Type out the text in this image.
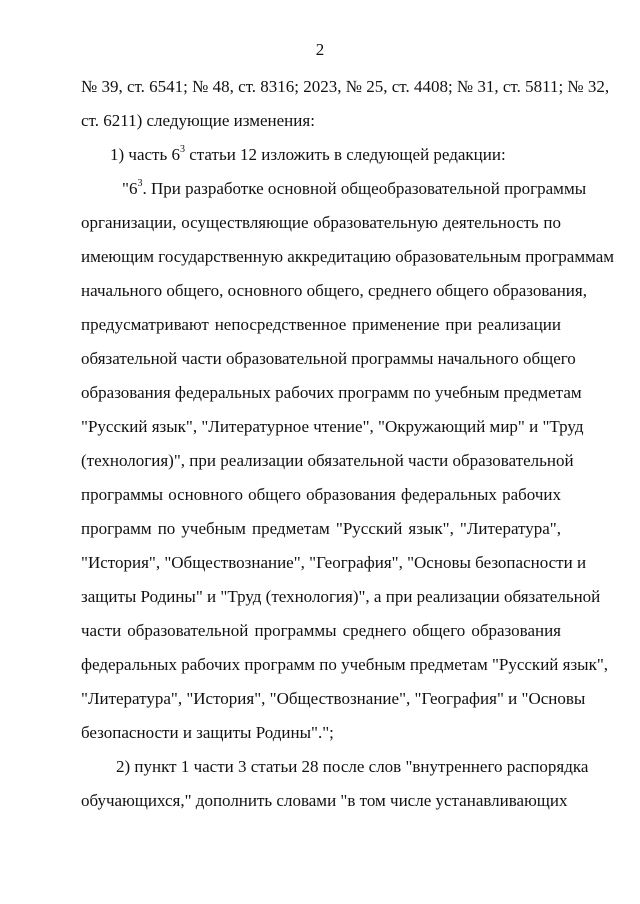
2
№ 39, ст. 6541; № 48, ст. 8316; 2023, № 25, ст. 4408; № 31, ст. 5811; № 32,
ст. 6211) следующие изменения:
1) часть $6^3$ статьи 12 изложить в следующей редакции:
"$6^3$. При разработке основной общеобразовательной программы
организации, осуществляющие образовательную деятельность по
имеющим государственную аккредитацию образовательным программам
начального общего, основного общего, среднего общего образования,
предусматривают непосредственное применение при реализации
обязательной части образовательной программы начального общего
образования федеральных рабочих программ по учебным предметам
"Русский язык", "Литературное чтение", "Окружающий мир" и "Труд
(технология)", при реализации обязательной части образовательной
программы основного общего образования федеральных рабочих
программ по учебным предметам "Русский язык", "Литература",
"История", "Обществознание", "География", "Основы безопасности и
защиты Родины" и "Труд (технология)", а при реализации обязательной
части образовательной программы среднего общего образования
федеральных рабочих программ по учебным предметам "Русский язык",
"Литература", "История", "Обществознание", "География" и "Основы
безопасности и защиты Родины".";
2) пункт 1 части 3 статьи 28 после слов "внутреннего распорядка
обучающихся," дополнить словами "в том числе устанавливающих
